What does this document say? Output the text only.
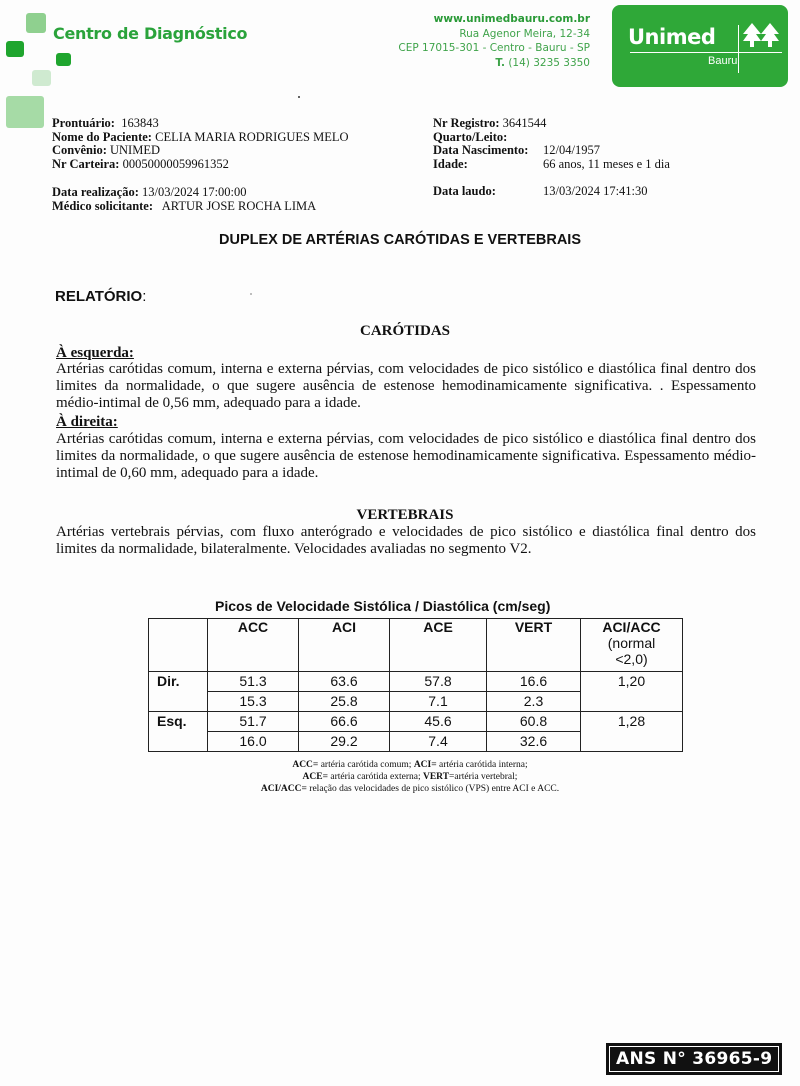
Centro de Diagnóstico
www.unimedbauru.com.br
Rua Agenor Meira, 12-34
CEP 17015-301 - Centro - Bauru - SP
T. (14) 3235 3350
Unimed
Bauru
Prontuário: 163843
Nome do Paciente: CELIA MARIA RODRIGUES MELO
Convênio: UNIMED
Nr Carteira: 00050000059961352
Data realização: 13/03/2024 17:00:00
Médico solicitante: ARTUR JOSE ROCHA LIMA
Nr Registro: 3641544
Quarto/Leito:
Data Nascimento: 12/04/1957
Idade:	66 anos, 11 meses e 1 dia
Data laudo:	13/03/2024 17:41:30
DUPLEX DE ARTÉRIAS CARÓTIDAS E VERTEBRAIS
RELATÓRIO:
CARÓTIDAS
À esquerda:
Artérias carótidas comum, interna e externa pérvias, com velocidades de pico sistólico e diastólica final dentro dos limites da normalidade, o que sugere ausência de estenose hemodinamicamente significativa. . Espessamento médio-intimal de 0,56 mm, adequado para a idade.
À direita:
Artérias carótidas comum, interna e externa pérvias, com velocidades de pico sistólico e diastólica final dentro dos limites da normalidade, o que sugere ausência de estenose hemodinamicamente significativa. Espessamento médio-intimal de 0,60 mm, adequado para a idade.
VERTEBRAIS
Artérias vertebrais pérvias, com fluxo anterógrado e velocidades de pico sistólico e diastólica final dentro dos limites da normalidade, bilateralmente. Velocidades avaliadas no segmento V2.
Picos de Velocidade Sistólica / Diastólica (cm/seg)
	ACC	ACI	ACE	VERT	ACI/ACC
(normal
<2,0)
Dir.	51.3	63.6	57.8	16.6	1,20
	15.3	25.8	7.1	2.3	
Esq.	51.7	66.6	45.6	60.8	1,28
	16.0	29.2	7.4	32.6	
ACC= artéria carótida comum; ACI= artéria carótida interna;
ACE= artéria carótida externa; VERT=artéria vertebral;
ACI/ACC= relação das velocidades de pico sistólico (VPS) entre ACI e ACC.
ANS N° 36965-9
